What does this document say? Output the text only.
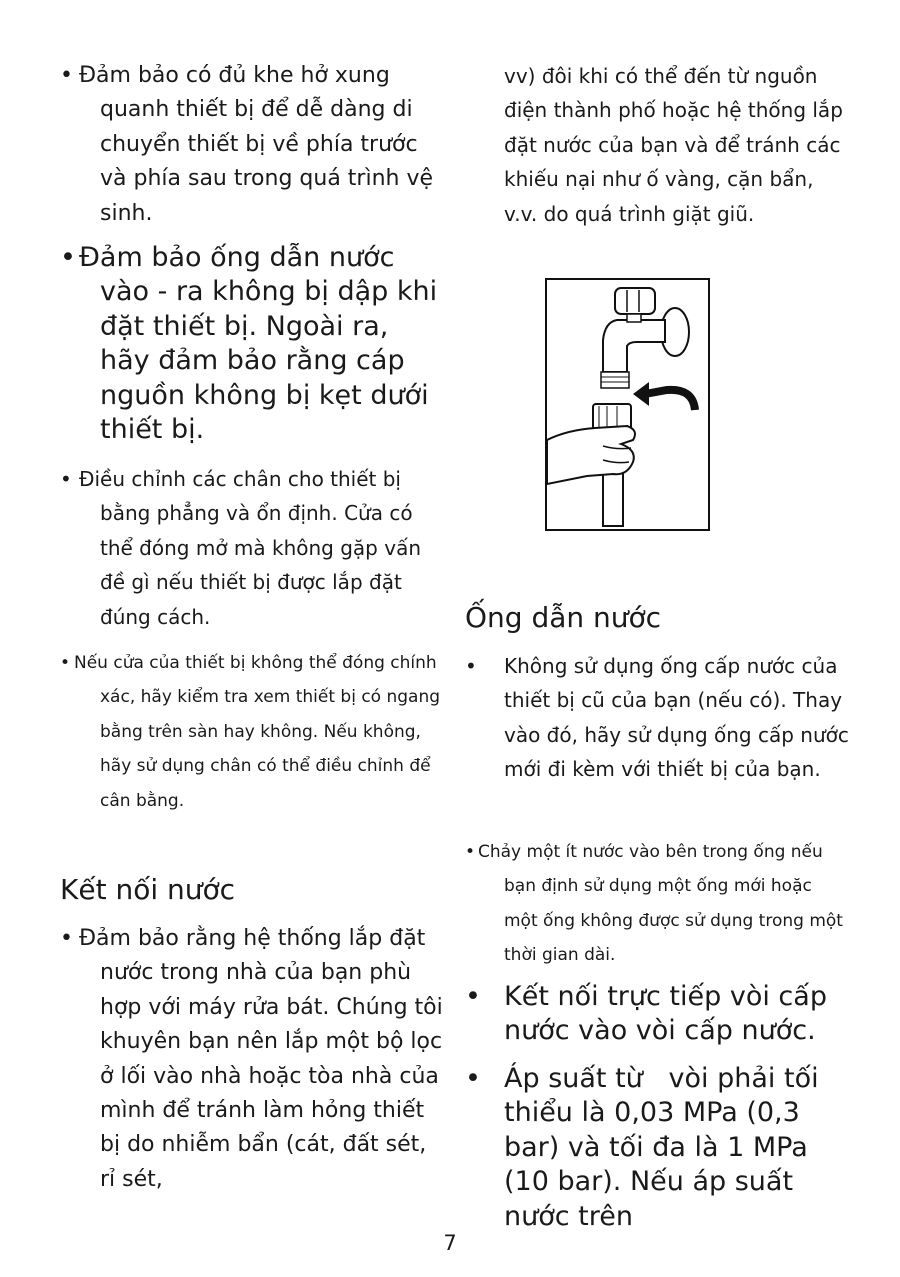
• Đảm bảo có đủ khe hở xung quanh thiết bị để dễ dàng di chuyển thiết bị về phía trước và phía sau trong quá trình vệ sinh.
• Đảm bảo ống dẫn nước vào - ra không bị dập khi đặt thiết bị. Ngoài ra, hãy đảm bảo rằng cáp nguồn không bị kẹt dưới thiết bị.
• Điều chỉnh các chân cho thiết bị bằng phẳng và ổn định. Cửa có thể đóng mở mà không gặp vấn đề gì nếu thiết bị được lắp đặt đúng cách.
• Nếu cửa của thiết bị không thể đóng chính xác, hãy kiểm tra xem thiết bị có ngang bằng trên sàn hay không. Nếu không, hãy sử dụng chân có thể điều chỉnh để cân bằng.
Kết nối nước
• Đảm bảo rằng hệ thống lắp đặt nước trong nhà của bạn phù hợp với máy rửa bát. Chúng tôi khuyên bạn nên lắp một bộ lọc ở lối vào nhà hoặc tòa nhà của mình để tránh làm hỏng thiết bị do nhiễm bẩn (cát, đất sét, rỉ sét,
vv) đôi khi có thể đến từ nguồn điện thành phố hoặc hệ thống lắp đặt nước của bạn và để tránh các khiếu nại như ố vàng, cặn bẩn, v.v. do quá trình giặt giũ.
Ống dẫn nước
•	Không sử dụng ống cấp nước của thiết bị cũ của bạn (nếu có). Thay vào đó, hãy sử dụng ống cấp nước mới đi kèm với thiết bị của bạn.
• Chảy một ít nước vào bên trong ống nếu bạn định sử dụng một ống mới hoặc một ống không được sử dụng trong một thời gian dài.
• Kết nối trực tiếp vòi cấp nước vào vòi cấp nước.
• Áp suất từ   vòi phải tối thiểu là 0,03 MPa (0,3 bar) và tối đa là 1 MPa (10 bar). Nếu áp suất nước trên
7
